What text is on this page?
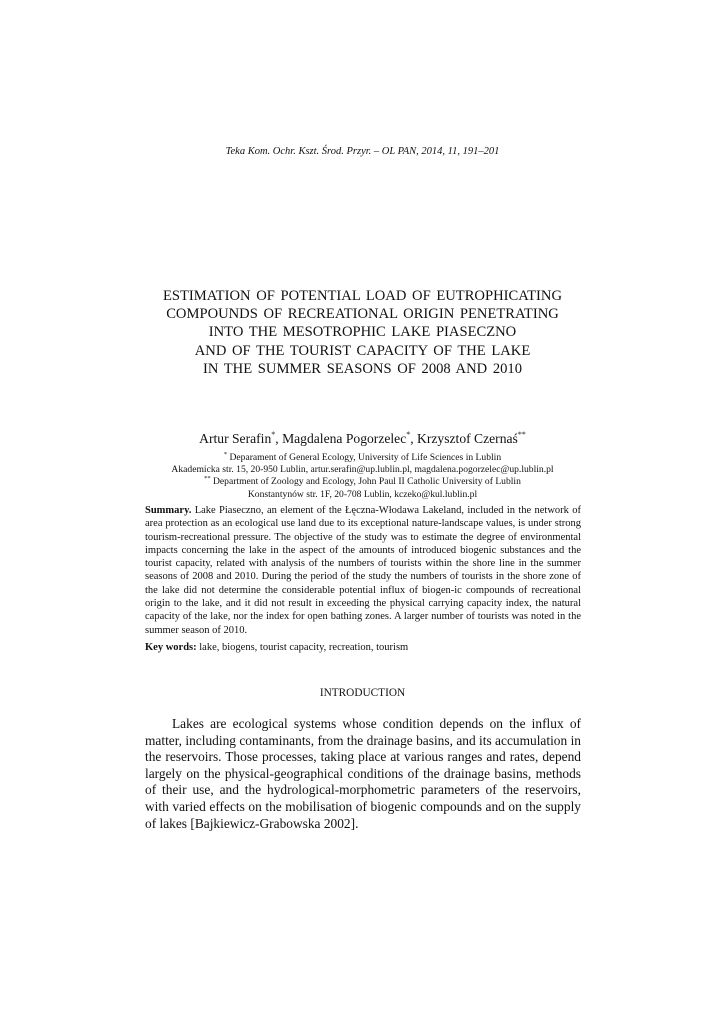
Teka Kom. Ochr. Kszt. Środ. Przyr. – OL PAN, 2014, 11, 191–201
ESTIMATION OF POTENTIAL LOAD OF EUTROPHICATING
COMPOUNDS OF RECREATIONAL ORIGIN PENETRATING
INTO THE MESOTROPHIC LAKE PIASECZNO
AND OF THE TOURIST CAPACITY OF THE LAKE
IN THE SUMMER SEASONS OF 2008 AND 2010
Artur Serafin*, Magdalena Pogorzelec*, Krzysztof Czernaś**
* Deparament of General Ecology, University of Life Sciences in Lublin
Akademicka str. 15, 20-950 Lublin, artur.serafin@up.lublin.pl, magdalena.pogorzelec@up.lublin.pl
** Department of Zoology and Ecology, John Paul II Catholic University of Lublin
Konstantynów str. 1F, 20-708 Lublin, kczeko@kul.lublin.pl
Summary. Lake Piaseczno, an element of the Łęczna-Włodawa Lakeland, included in the network of area protection as an ecological use land due to its exceptional nature-landscape values, is under strong tourism-recreational pressure. The objective of the study was to estimate the degree of environmental impacts concerning the lake in the aspect of the amounts of introduced biogenic substances and the tourist capacity, related with analysis of the numbers of tourists within the shore line in the summer seasons of 2008 and 2010. During the period of the study the numbers of tourists in the shore zone of the lake did not determine the considerable potential influx of biogen-ic compounds of recreational origin to the lake, and it did not result in exceeding the physical carrying capacity index, the natural capacity of the lake, nor the index for open bathing zones. A larger number of tourists was noted in the summer season of 2010.
Key words: lake, biogens, tourist capacity, recreation, tourism
INTRODUCTION
Lakes are ecological systems whose condition depends on the influx of matter, including contaminants, from the drainage basins, and its accumulation in the reservoirs. Those processes, taking place at various ranges and rates, depend largely on the physical-geographical conditions of the drainage basins, methods of their use, and the hydrological-morphometric parameters of the reservoirs, with varied effects on the mobilisation of biogenic compounds and on the supply of lakes [Bajkiewicz-Grabowska 2002].
